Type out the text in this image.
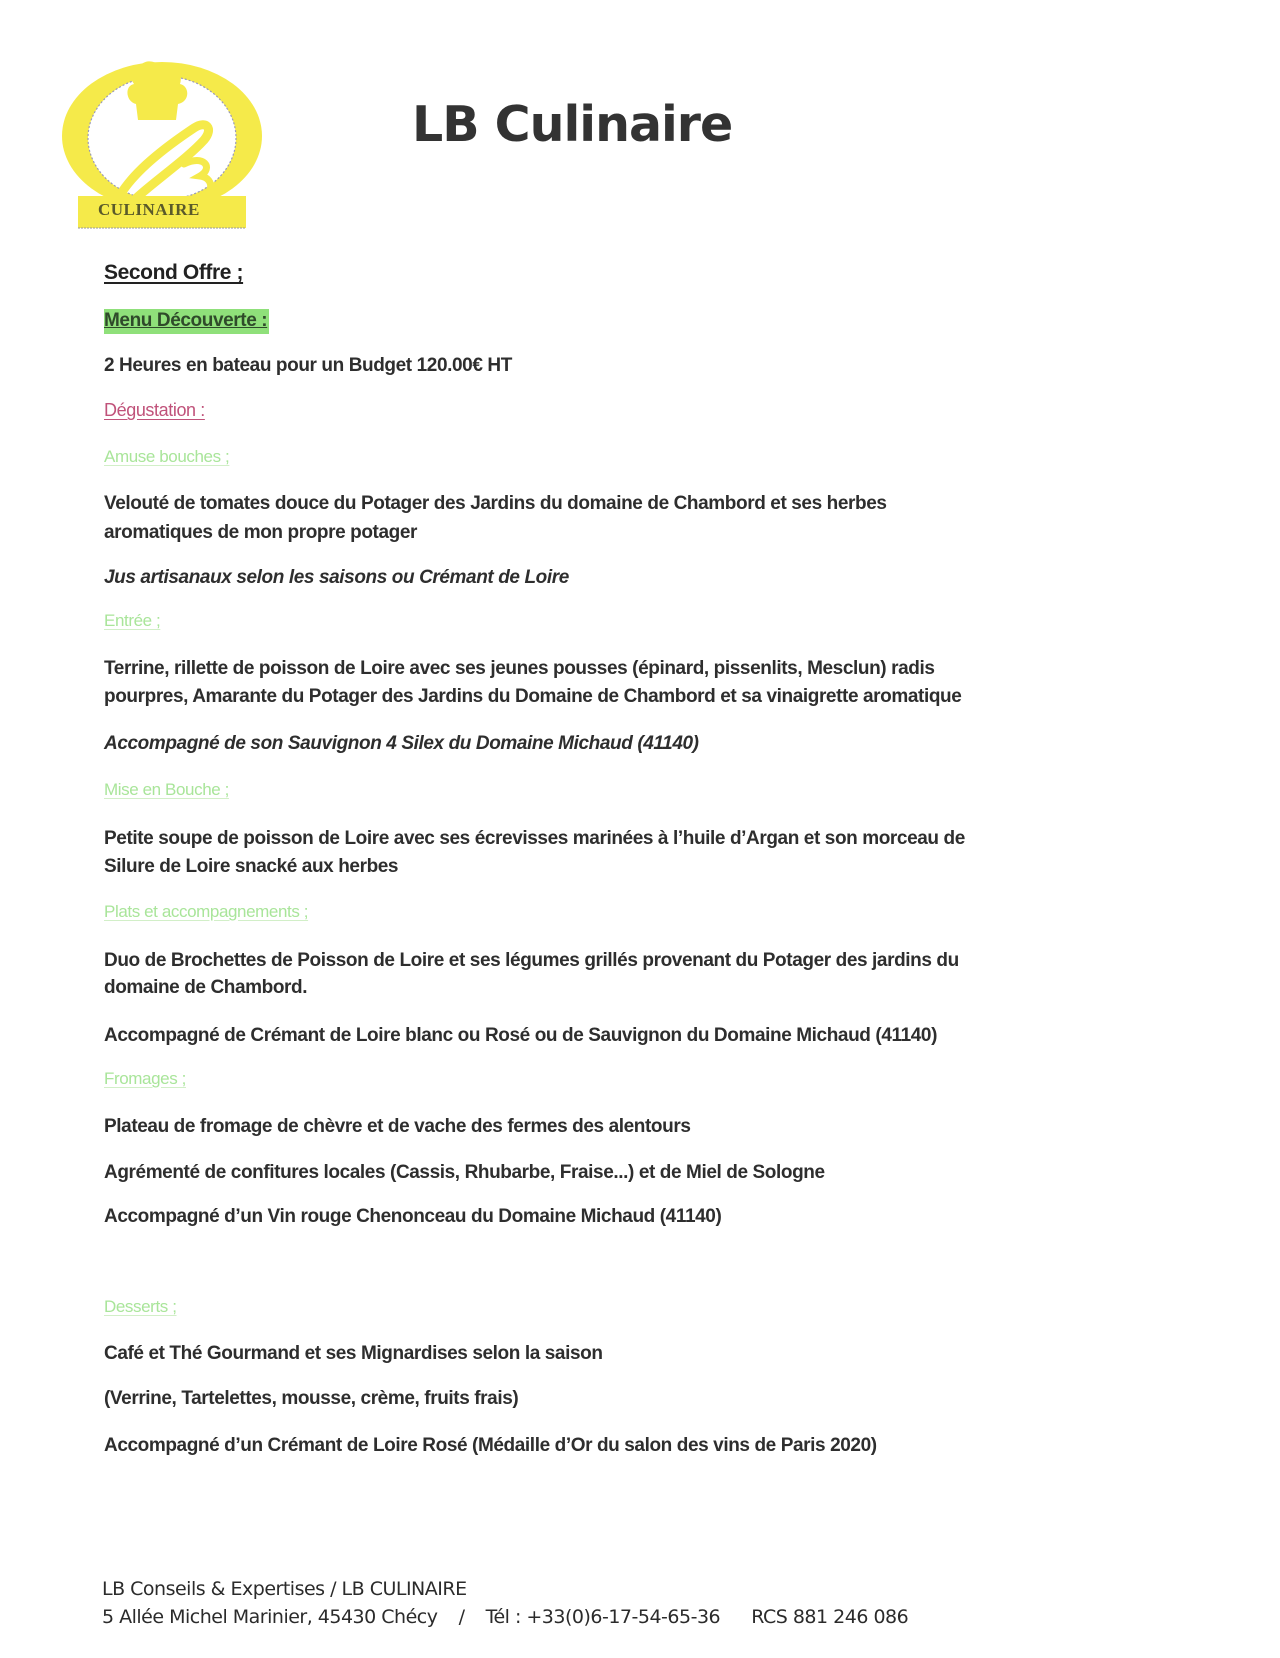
CULINAIRE
LB Culinaire
Second Offre ;
Menu Découverte :
2 Heures en bateau pour un Budget 120.00€ HT
Dégustation :
Amuse bouches ;
Velouté de tomates douce du Potager des Jardins du domaine de Chambord et ses herbes
aromatiques de mon propre potager
Jus artisanaux selon les saisons ou Crémant de Loire
Entrée ;
Terrine, rillette de poisson de Loire avec ses jeunes pousses (épinard, pissenlits, Mesclun) radis
pourpres, Amarante du Potager des Jardins du Domaine de Chambord et sa vinaigrette aromatique
Accompagné de son Sauvignon 4 Silex du Domaine Michaud (41140)
Mise en Bouche ;
Petite soupe de poisson de Loire avec ses écrevisses marinées à l’huile d’Argan et son morceau de
Silure de Loire snacké aux herbes
Plats et accompagnements ;
Duo de Brochettes de Poisson de Loire et ses légumes grillés provenant du Potager des jardins du
domaine de Chambord.
Accompagné de Crémant de Loire blanc ou Rosé ou de Sauvignon du Domaine Michaud (41140)
Fromages ;
Plateau de fromage de chèvre et de vache des fermes des alentours
Agrémenté de confitures locales (Cassis, Rhubarbe, Fraise...) et de Miel de Sologne
Accompagné d’un Vin rouge Chenonceau du Domaine Michaud (41140)
Desserts ;
Café et Thé Gourmand et ses Mignardises selon la saison
(Verrine, Tartelettes, mousse, crème, fruits frais)
Accompagné d’un Crémant de Loire Rosé (Médaille d’Or du salon des vins de Paris 2020)
LB Conseils & Expertises / LB CULINAIRE
5 Allée Michel Marinier, 45430 Chécy / Tél : +33(0)6-17-54-65-36 RCS 881 246 086
